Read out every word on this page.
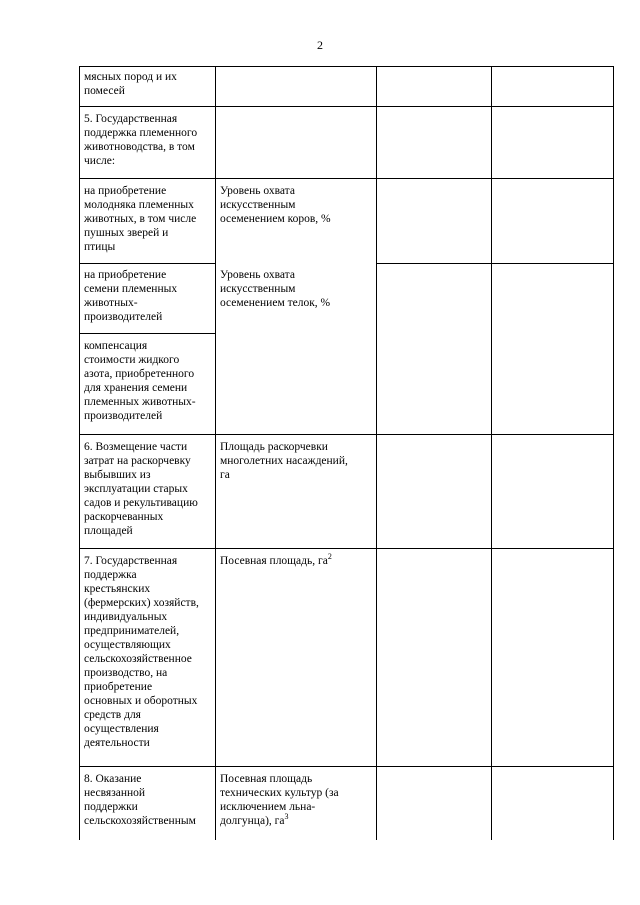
2
мясных пород и их
помесей
5. Государственная
поддержка племенного
животноводства, в том
числе:
на приобретение
молодняка племенных
животных, в том числе
пушных зверей и
птицы
на приобретение
семени племенных
животных-
производителей
компенсация
стоимости жидкого
азота, приобретенного
для хранения семени
племенных животных-
производителей
6. Возмещение части
затрат на раскорчевку
выбывших из
эксплуатации старых
садов и рекультивацию
раскорчеванных
площадей
7. Государственная
поддержка
крестьянских
(фермерских) хозяйств,
индивидуальных
предпринимателей,
осуществляющих
сельскохозяйственное
производство, на
приобретение
основных и оборотных
средств для
осуществления
деятельности
8. Оказание
несвязанной
поддержки
сельскохозяйственным
Уровень охвата
искусственным
осеменением коров, %
Уровень охвата
искусственным
осеменением телок, %
Площадь раскорчевки
многолетних насаждений,
га
Посевная площадь, $га^2$
Посевная площадь
технических культур (за
исключением льна-
долгунца), $га^3$
